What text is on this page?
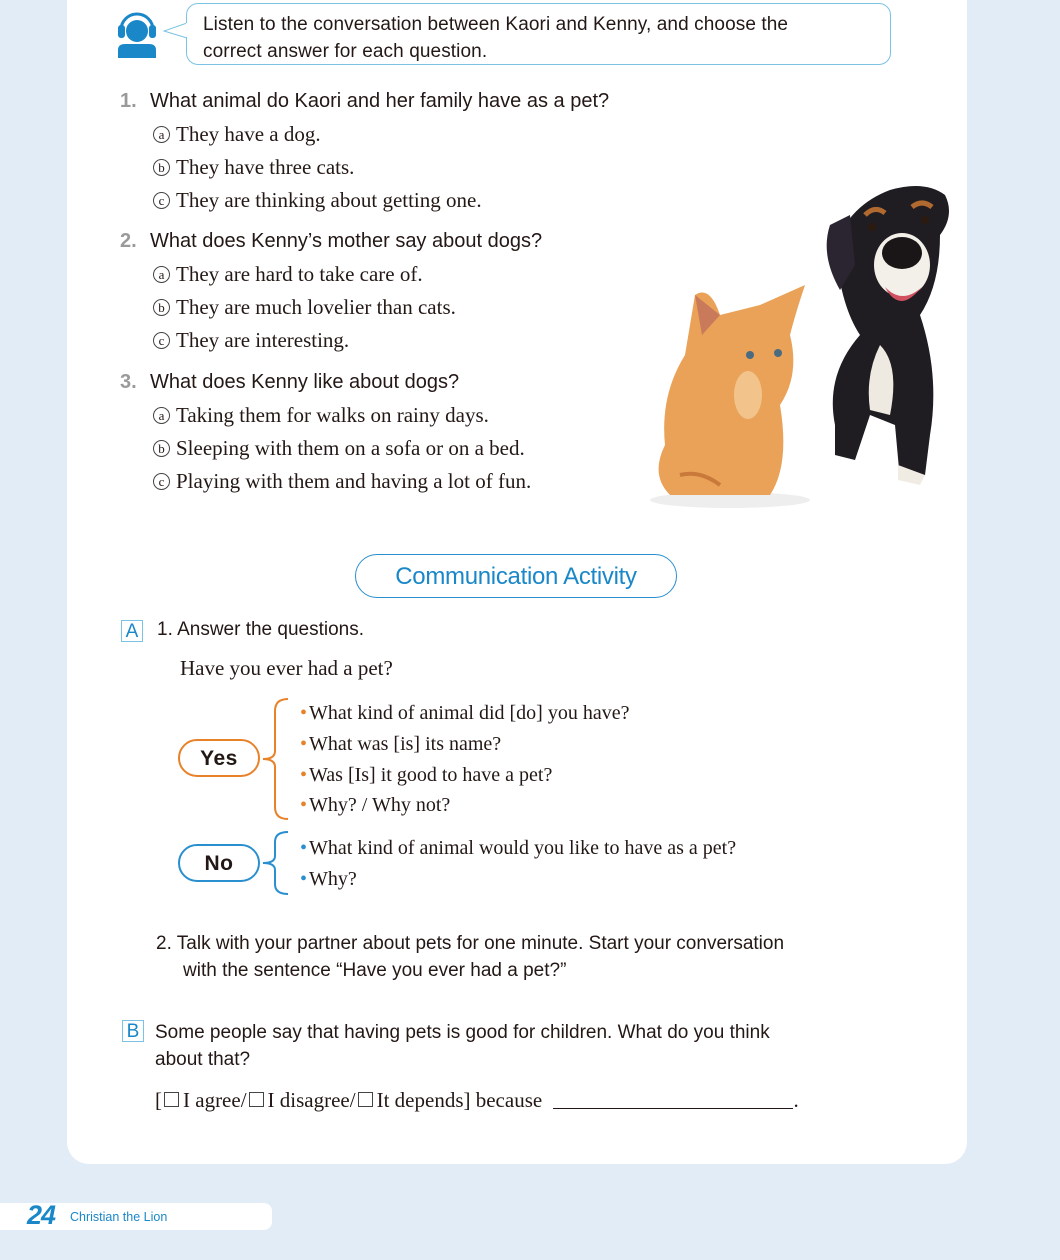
Listen to the conversation between Kaori and Kenny, and choose the
correct answer for each question.
1. What animal do Kaori and her family have as a pet?
a They have a dog.
b They have three cats.
c They are thinking about getting one.
2. What does Kenny’s mother say about dogs?
a They are hard to take care of.
b They are much lovelier than cats.
c They are interesting.
3. What does Kenny like about dogs?
a Taking them for walks on rainy days.
b Sleeping with them on a sofa or on a bed.
c Playing with them and having a lot of fun.
Communication Activity
A 1. Answer the questions.
Have you ever had a pet?
Yes
• What kind of animal did [do] you have?
• What was [is] its name?
• Was [Is] it good to have a pet?
• Why? / Why not?
No
• What kind of animal would you like to have as a pet?
• Why?
2. Talk with your partner about pets for one minute. Start your conversation
with the sentence “Have you ever had a pet?”
B Some people say that having pets is good for children. What do you think
about that?
[ I agree/ I disagree/ It depends] because	.
24 Christian the Lion
